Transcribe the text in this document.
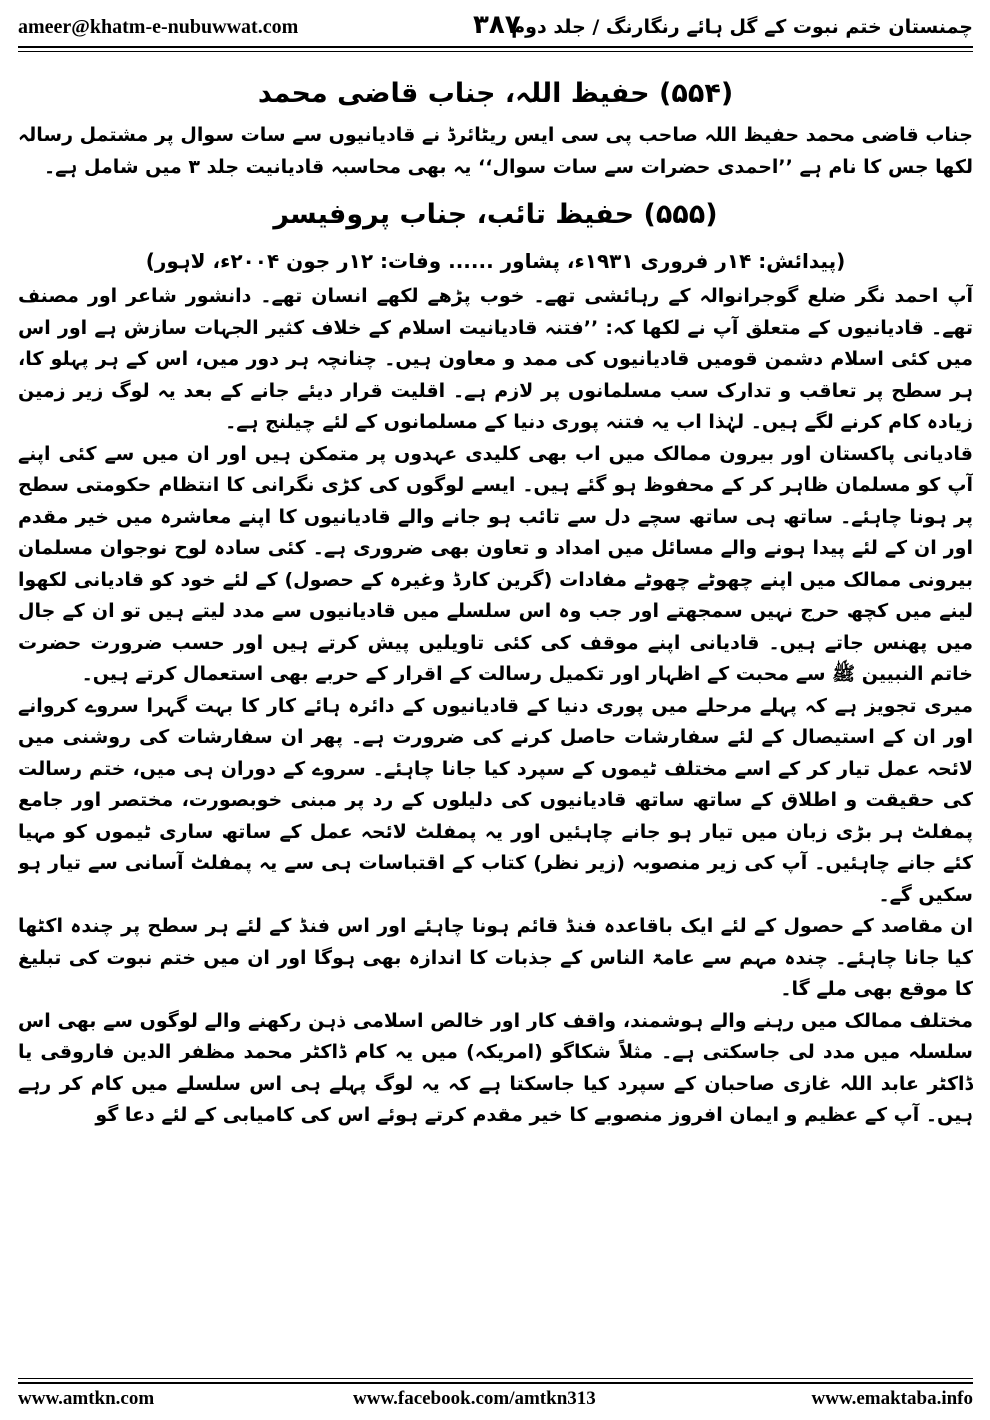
ameer@khatm-e-nubuwwat.com	۳۸۷
چمنستان ختم نبوت کے گل ہائے رنگارنگ / جلد دوم
(۵۵۴) حفیظ اللہ، جناب قاضی محمد

جناب قاضی محمد حفیظ اللہ صاحب پی سی ایس ریٹائرڈ نے قادیانیوں سے سات سوال پر مشتمل رسالہ لکھا جس کا نام ہے ’’احمدی حضرات سے سات سوال‘‘ یہ بھی محاسبہ قادیانیت جلد ۳ میں شامل ہے۔

(۵۵۵) حفیظ تائب، جناب پروفیسر
(پیدائش: ۱۴ر فروری ۱۹۳۱ء، پشاور ...... وفات: ۱۲ر جون ۲۰۰۴ء، لاہور)

آپ احمد نگر ضلع گوجرانوالہ کے رہائشی تھے۔ خوب پڑھے لکھے انسان تھے۔ دانشور شاعر اور مصنف تھے۔ قادیانیوں کے متعلق آپ نے لکھا کہ: ’’فتنہ قادیانیت اسلام کے خلاف کثیر الجہات سازش ہے اور اس میں کئی اسلام دشمن قومیں قادیانیوں کی ممد و معاون ہیں۔ چنانچہ ہر دور میں، اس کے ہر پہلو کا، ہر سطح پر تعاقب و تدارک سب مسلمانوں پر لازم ہے۔ اقلیت قرار دیئے جانے کے بعد یہ لوگ زیر زمین زیادہ کام کرنے لگے ہیں۔ لہٰذا اب یہ فتنہ پوری دنیا کے مسلمانوں کے لئے چیلنج ہے۔

قادیانی پاکستان اور بیرون ممالک میں اب بھی کلیدی عہدوں پر متمکن ہیں اور ان میں سے کئی اپنے آپ کو مسلمان ظاہر کر کے محفوظ ہو گئے ہیں۔ ایسے لوگوں کی کڑی نگرانی کا انتظام حکومتی سطح پر ہونا چاہئے۔ ساتھ ہی ساتھ سچے دل سے تائب ہو جانے والے قادیانیوں کا اپنے معاشرہ میں خیر مقدم اور ان کے لئے پیدا ہونے والے مسائل میں امداد و تعاون بھی ضروری ہے۔ کئی سادہ لوح نوجوان مسلمان بیرونی ممالک میں اپنے چھوٹے چھوٹے مفادات (گرین کارڈ وغیرہ کے حصول) کے لئے خود کو قادیانی لکھوا لینے میں کچھ حرج نہیں سمجھتے اور جب وہ اس سلسلے میں قادیانیوں سے مدد لیتے ہیں تو ان کے جال میں پھنس جاتے ہیں۔ قادیانی اپنے موقف کی کئی تاویلیں پیش کرتے ہیں اور حسب ضرورت حضرت خاتم النبیین ﷺ سے محبت کے اظہار اور تکمیل رسالت کے اقرار کے حربے بھی استعمال کرتے ہیں۔

میری تجویز ہے کہ پہلے مرحلے میں پوری دنیا کے قادیانیوں کے دائرہ ہائے کار کا بہت گہرا سروے کروانے اور ان کے استیصال کے لئے سفارشات حاصل کرنے کی ضرورت ہے۔ پھر ان سفارشات کی روشنی میں لائحہ عمل تیار کر کے اسے مختلف ٹیموں کے سپرد کیا جانا چاہئے۔ سروے کے دوران ہی میں، ختم رسالت کی حقیقت و اطلاق کے ساتھ ساتھ قادیانیوں کی دلیلوں کے رد پر مبنی خوبصورت، مختصر اور جامع پمفلٹ ہر بڑی زبان میں تیار ہو جانے چاہئیں اور یہ پمفلٹ لائحہ عمل کے ساتھ ساری ٹیموں کو مہیا کئے جانے چاہئیں۔ آپ کی زیر منصوبہ (زیر نظر) کتاب کے اقتباسات ہی سے یہ پمفلٹ آسانی سے تیار ہو سکیں گے۔

ان مقاصد کے حصول کے لئے ایک باقاعدہ فنڈ قائم ہونا چاہئے اور اس فنڈ کے لئے ہر سطح پر چندہ اکٹھا کیا جانا چاہئے۔ چندہ مہم سے عامۃ الناس کے جذبات کا اندازہ بھی ہوگا اور ان میں ختم نبوت کی تبلیغ کا موقع بھی ملے گا۔

مختلف ممالک میں رہنے والے ہوشمند، واقف کار اور خالص اسلامی ذہن رکھنے والے لوگوں سے بھی اس سلسلہ میں مدد لی جاسکتی ہے۔ مثلاً شکاگو (امریکہ) میں یہ کام ڈاکٹر محمد مظفر الدین فاروقی یا ڈاکٹر عابد اللہ غازی صاحبان کے سپرد کیا جاسکتا ہے کہ یہ لوگ پہلے ہی اس سلسلے میں کام کر رہے ہیں۔ آپ کے عظیم و ایمان افروز منصوبے کا خیر مقدم کرتے ہوئے اس کی کامیابی کے لئے دعا گو

www.amtkn.com	www.facebook.com/amtkn313	www.emaktaba.info
